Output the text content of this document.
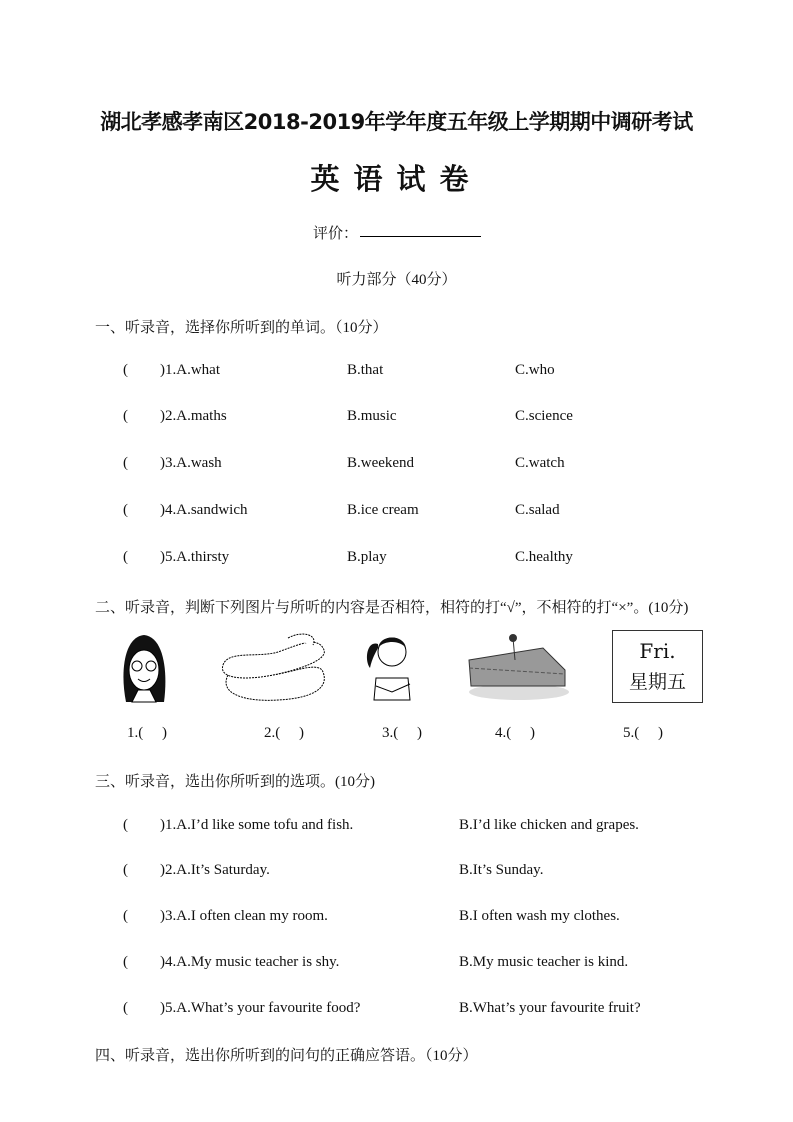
湖北孝感孝南区2018-2019年学年度五年级上学期期中调研考试
英语试卷
评价：
听力部分（40分）
一、听录音，选择你所听到的单词。（10分）
( )1.A.what	B.that	C.who
( )2.A.maths	B.music	C.science
( )3.A.wash	B.weekend	C.watch
( )4.A.sandwich	B.ice cream	C.salad
( )5.A.thirsty	B.play	C.healthy
二、听录音，判断下列图片与所听的内容是否相符，相符的打“√”，不相符的打“×”。(10分)
Fri.
星期五
1.(     )	2.(     )	3.(     )	4.(     )	5.(     )
三、听录音，选出你所听到的选项。(10分)
( )1.A.I’d like some tofu and fish.	B.I’d like chicken and grapes.
( )2.A.It’s Saturday.	B.It’s Sunday.
( )3.A.I often clean my room.	B.I often wash my clothes.
( )4.A.My music teacher is shy.	B.My music teacher is kind.
( )5.A.What’s your favourite food?	B.What’s your favourite fruit?
四、听录音，选出你所听到的问句的正确应答语。（10分）
